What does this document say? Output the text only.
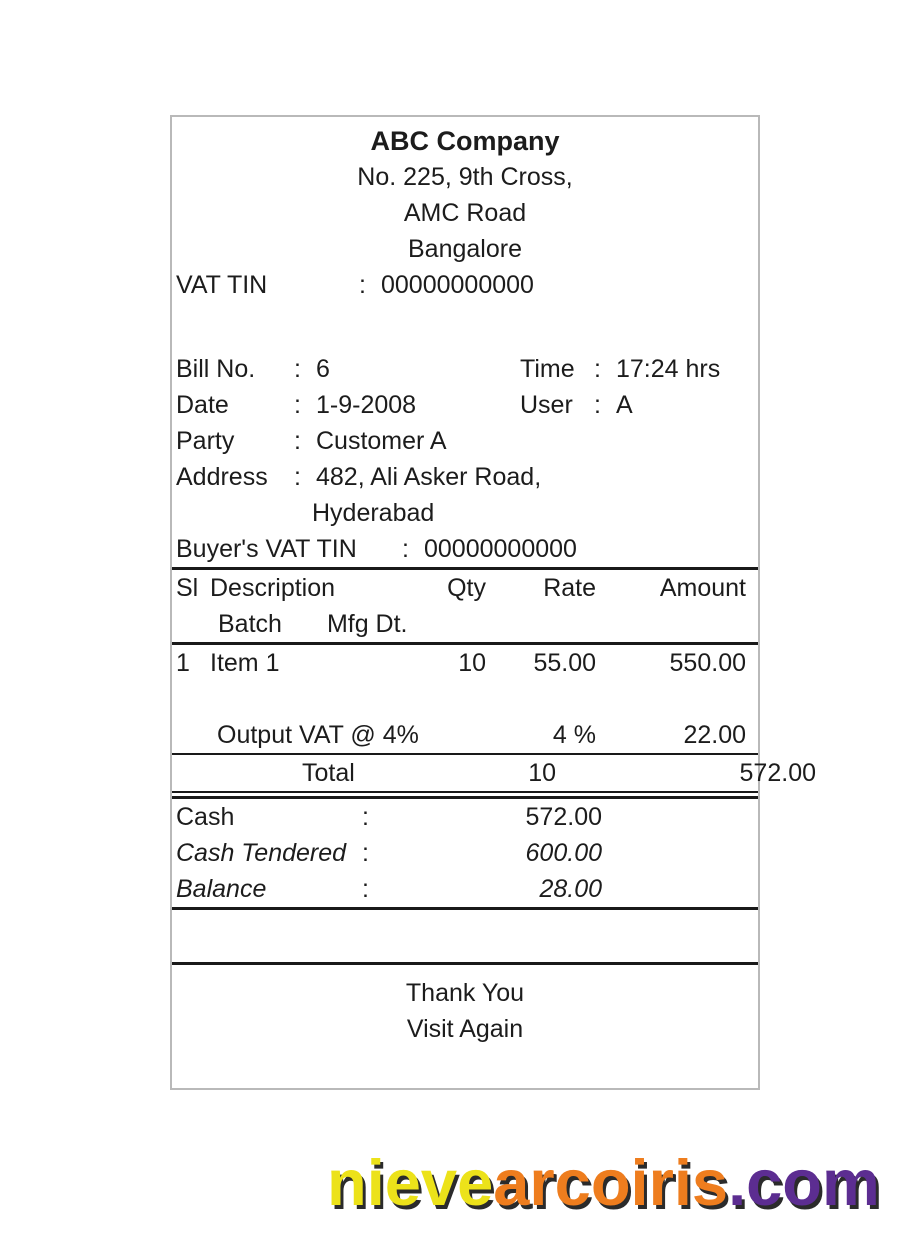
ABC Company
No. 225, 9th Cross,
AMC Road
Bangalore
VAT TIN	: 00000000000
Bill No.	: 6	Time : 17:24 hrs
Date	: 1-9-2008	User : A
Party	: Customer A
Address	: 482, Ali Asker Road,
Hyderabad
Buyer's VAT TIN	: 00000000000
Sl Description	Qty	Rate	Amount
Batch Mfg Dt.
1 Item 1	10	55.00	550.00
Output VAT @ 4%	4 %	22.00
Total	10	572.00
Cash	:	572.00
Cash Tendered :	600.00
Balance	:	28.00
Thank You
Visit Again
nievearcoiris.com
